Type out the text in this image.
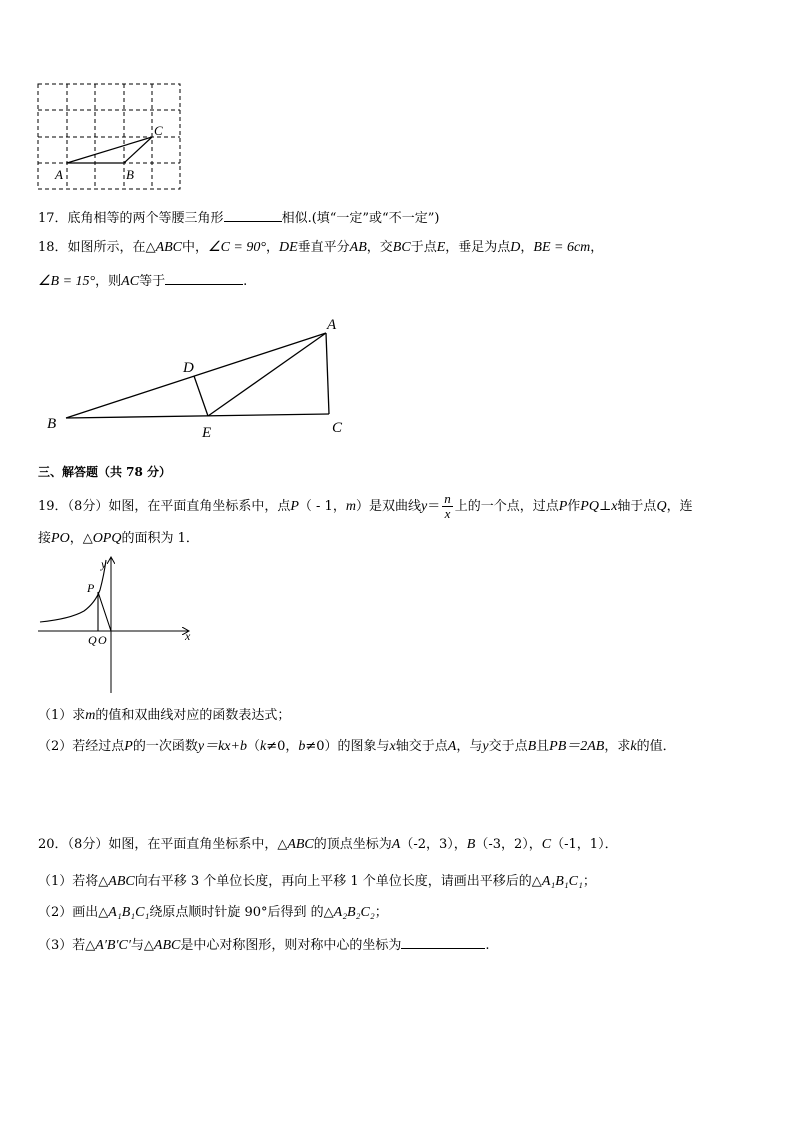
A	B
C
17．底角相等的两个等腰三角形	相似.(填“一定”或“不一定”)
18．如图所示，在△ABC中，∠C = 90°，DE垂直平分AB，交BC于点E，垂足为点D，BE = 6cm，
∠B = 15°，则AC等于	.
A
B	C
D
E
三、解答题（共 78 分）
19．（8分）如图，在平面直角坐标系中，点P（ - 1，m）是双曲线$y= \frac{n}{x}$ 上的一个点，过点P作PQ⊥x轴于点Q，连
接PO，△OPQ的面积为 1．
y
x
P
Q O
（1）求m的值和双曲线对应的函数表达式；
（2）若经过点P的一次函数y＝kx+b（k≠0，b≠0）的图象与x轴交于点A，与y交于点B且PB＝2AB，求k的值．
20．（8分）如图，在平面直角坐标系中，△ABC的顶点坐标为A（-2，3），B（-3，2），C（-1，1）．
（1）若将△ABC向右平移 3 个单位长度，再向上平移 1 个单位长度，请画出平移后的△A₁B₁C₁；
（2）画出△A₁B₁C₁绕原点顺时针旋 90°后得到 的△A₂B₂C₂；
（3）若△A′B′C′与△ABC是中心对称图形，则对称中心的坐标为	.
